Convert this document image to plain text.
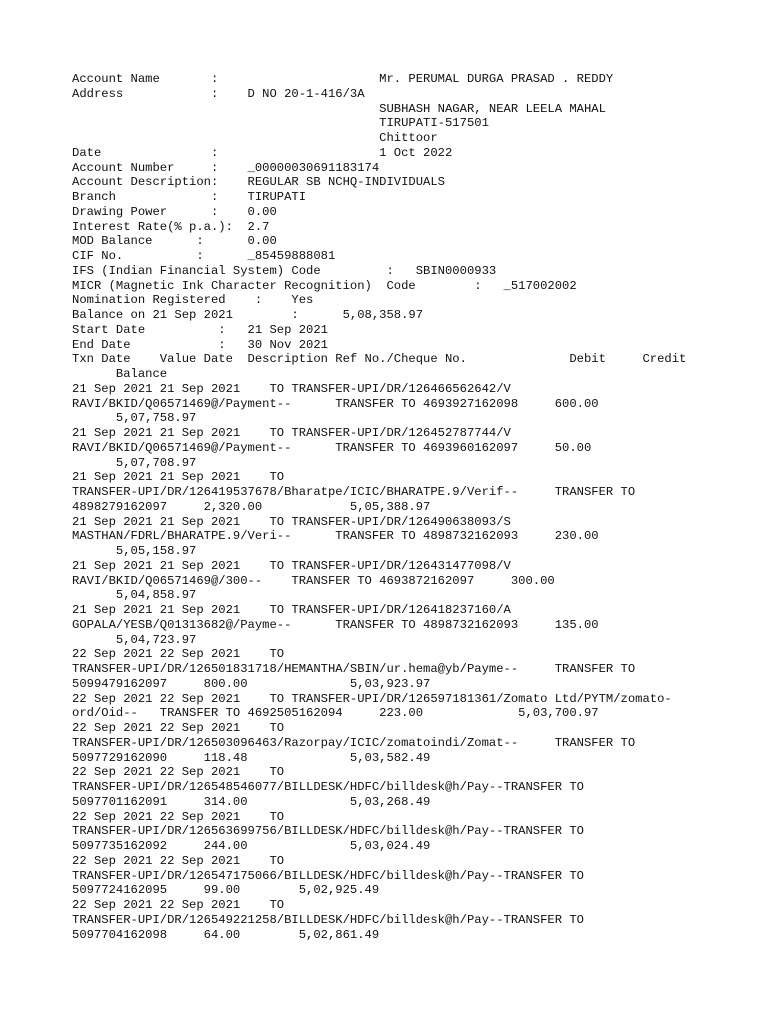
Account Name       :                      Mr. PERUMAL DURGA PRASAD . REDDY
Address            :    D NO 20-1-416/3A
SUBHASH NAGAR, NEAR LEELA MAHAL
TIRUPATI-517501
Chittoor
Date               :                      1 Oct 2022
Account Number     :    _00000030691183174
Account Description:    REGULAR SB NCHQ-INDIVIDUALS
Branch             :    TIRUPATI
Drawing Power      :    0.00
Interest Rate(% p.a.):  2.7
MOD Balance      :      0.00
CIF No.          :      _85459888081
IFS (Indian Financial System) Code         :   SBIN0000933
MICR (Magnetic Ink Character Recognition)  Code        :   _517002002
Nomination Registered    :    Yes
Balance on 21 Sep 2021        :      5,08,358.97
Start Date          :   21 Sep 2021
End Date            :   30 Nov 2021
Txn Date    Value Date  Description Ref No./Cheque No.              Debit     Credit
Balance
21 Sep 2021 21 Sep 2021    TO TRANSFER-UPI/DR/126466562642/V
RAVI/BKID/Q06571469@/Payment--      TRANSFER TO 4693927162098     600.00
5,07,758.97
21 Sep 2021 21 Sep 2021    TO TRANSFER-UPI/DR/126452787744/V
RAVI/BKID/Q06571469@/Payment--      TRANSFER TO 4693960162097     50.00
5,07,708.97
21 Sep 2021 21 Sep 2021    TO
TRANSFER-UPI/DR/126419537678/Bharatpe/ICIC/BHARATPE.9/Verif--     TRANSFER TO
4898279162097     2,320.00            5,05,388.97
21 Sep 2021 21 Sep 2021    TO TRANSFER-UPI/DR/126490638093/S
MASTHAN/FDRL/BHARATPE.9/Veri--      TRANSFER TO 4898732162093     230.00
5,05,158.97
21 Sep 2021 21 Sep 2021    TO TRANSFER-UPI/DR/126431477098/V
RAVI/BKID/Q06571469@/300--    TRANSFER TO 4693872162097     300.00
5,04,858.97
21 Sep 2021 21 Sep 2021    TO TRANSFER-UPI/DR/126418237160/A
GOPALA/YESB/Q01313682@/Payme--      TRANSFER TO 4898732162093     135.00
5,04,723.97
22 Sep 2021 22 Sep 2021    TO
TRANSFER-UPI/DR/126501831718/HEMANTHA/SBIN/ur.hema@yb/Payme--     TRANSFER TO
5099479162097     800.00              5,03,923.97
22 Sep 2021 22 Sep 2021    TO TRANSFER-UPI/DR/126597181361/Zomato Ltd/PYTM/zomato-
ord/Oid--   TRANSFER TO 4692505162094     223.00             5,03,700.97
22 Sep 2021 22 Sep 2021    TO
TRANSFER-UPI/DR/126503096463/Razorpay/ICIC/zomatoindi/Zomat--     TRANSFER TO
5097729162090     118.48              5,03,582.49
22 Sep 2021 22 Sep 2021    TO
TRANSFER-UPI/DR/126548546077/BILLDESK/HDFC/billdesk@h/Pay--TRANSFER TO
5097701162091     314.00              5,03,268.49
22 Sep 2021 22 Sep 2021    TO
TRANSFER-UPI/DR/126563699756/BILLDESK/HDFC/billdesk@h/Pay--TRANSFER TO
5097735162092     244.00              5,03,024.49
22 Sep 2021 22 Sep 2021    TO
TRANSFER-UPI/DR/126547175066/BILLDESK/HDFC/billdesk@h/Pay--TRANSFER TO
5097724162095     99.00        5,02,925.49
22 Sep 2021 22 Sep 2021    TO
TRANSFER-UPI/DR/126549221258/BILLDESK/HDFC/billdesk@h/Pay--TRANSFER TO
5097704162098     64.00        5,02,861.49
